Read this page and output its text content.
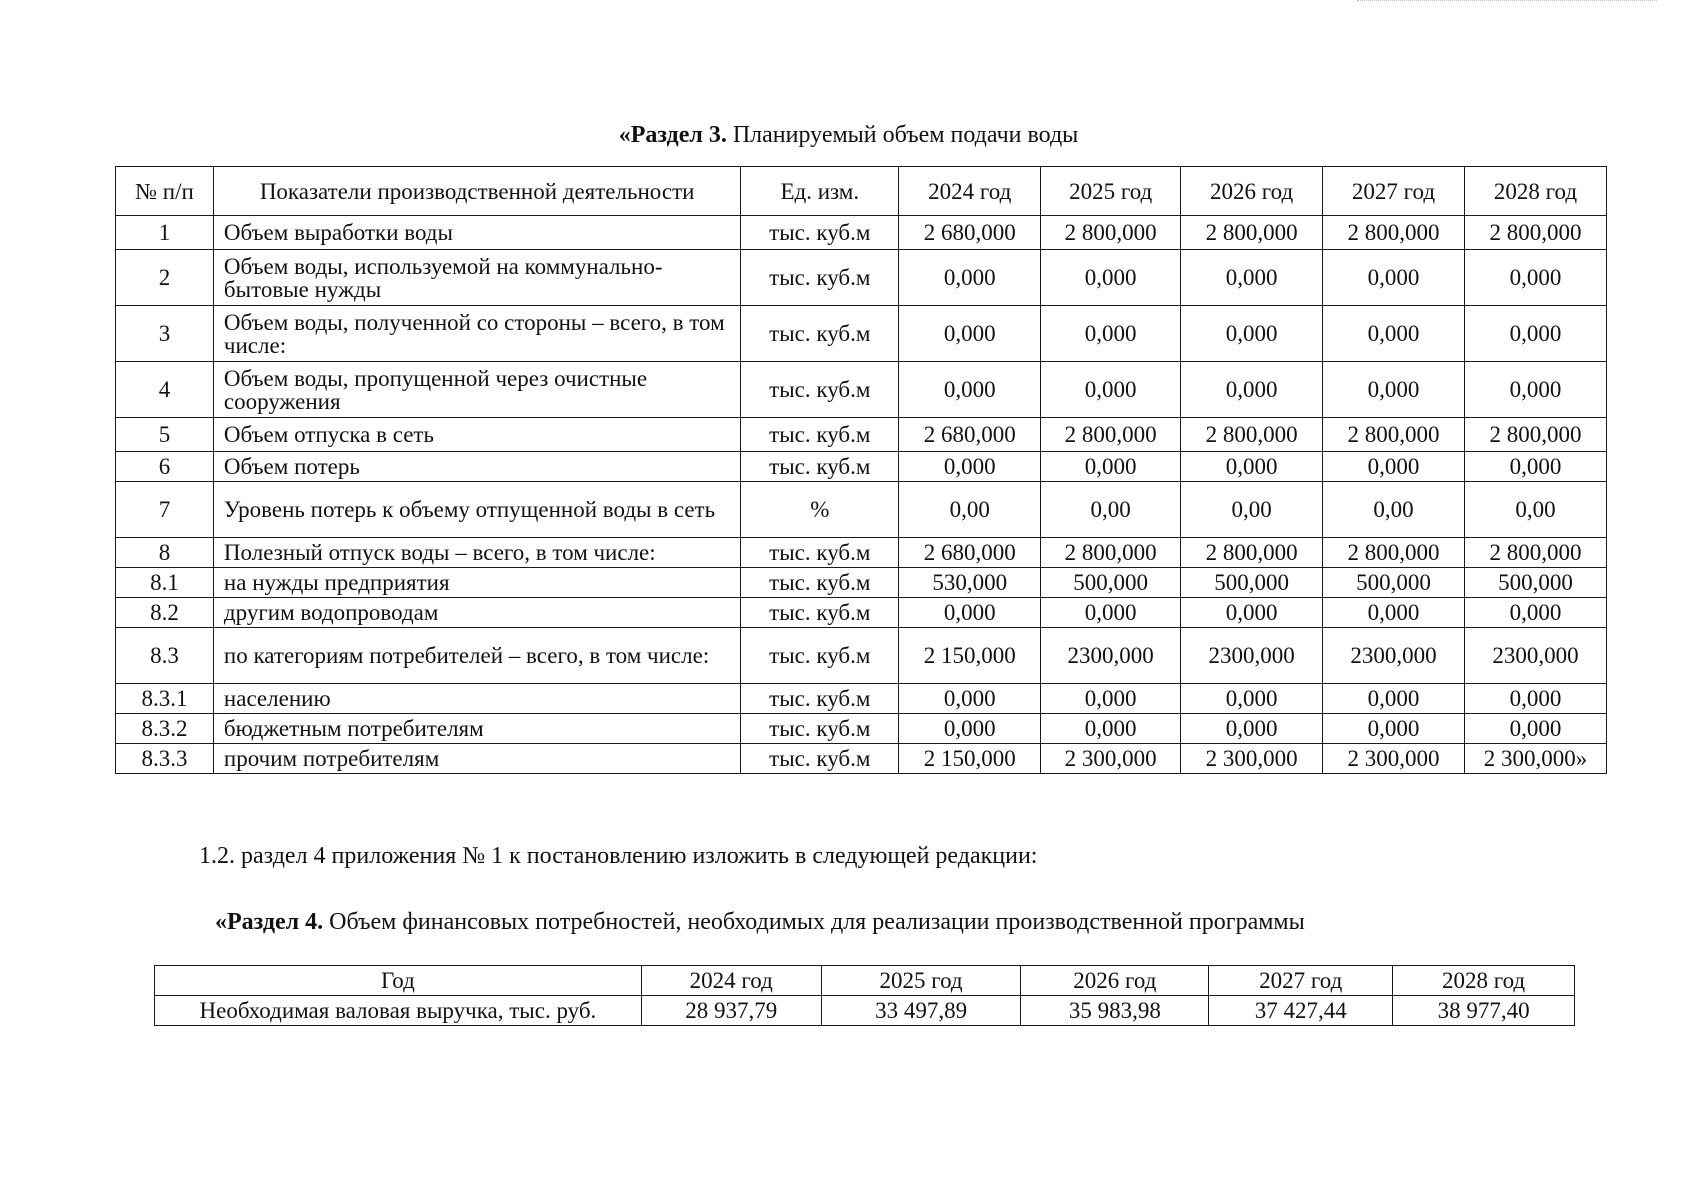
«Раздел 3. Планируемый объем подачи воды
№ п/п	Показатели производственной деятельности	Ед. изм.	2024 год	2025 год	2026 год	2027 год	2028 год
1	Объем выработки воды	тыс. куб.м	2 680,000	2 800,000	2 800,000	2 800,000	2 800,000
2	Объем воды, используемой на коммунально-бытовые нужды	тыс. куб.м	0,000	0,000	0,000	0,000	0,000
3	Объем воды, полученной со стороны – всего, в том числе:	тыс. куб.м	0,000	0,000	0,000	0,000	0,000
4	Объем воды, пропущенной через очистные сооружения	тыс. куб.м	0,000	0,000	0,000	0,000	0,000
5	Объем отпуска в сеть	тыс. куб.м	2 680,000	2 800,000	2 800,000	2 800,000	2 800,000
6	Объем потерь	тыс. куб.м	0,000	0,000	0,000	0,000	0,000
7	Уровень потерь к объему отпущенной воды в сеть	%	0,00	0,00	0,00	0,00	0,00
8	Полезный отпуск воды – всего, в том числе:	тыс. куб.м	2 680,000	2 800,000	2 800,000	2 800,000	2 800,000
8.1	на нужды предприятия	тыс. куб.м	530,000	500,000	500,000	500,000	500,000
8.2	другим водопроводам	тыс. куб.м	0,000	0,000	0,000	0,000	0,000
8.3	по категориям потребителей – всего, в том числе:	тыс. куб.м	2 150,000	2300,000	2300,000	2300,000	2300,000
8.3.1	населению	тыс. куб.м	0,000	0,000	0,000	0,000	0,000
8.3.2	бюджетным потребителям	тыс. куб.м	0,000	0,000	0,000	0,000	0,000
8.3.3	прочим потребителям	тыс. куб.м	2 150,000	2 300,000	2 300,000	2 300,000	2 300,000»
1.2. раздел 4 приложения № 1 к постановлению изложить в следующей редакции:
«Раздел 4. Объем финансовых потребностей, необходимых для реализации производственной программы
Год	2024 год	2025 год	2026 год	2027 год	2028 год
Необходимая валовая выручка, тыс. руб.	28 937,79	33 497,89	35 983,98	37 427,44	38 977,40
